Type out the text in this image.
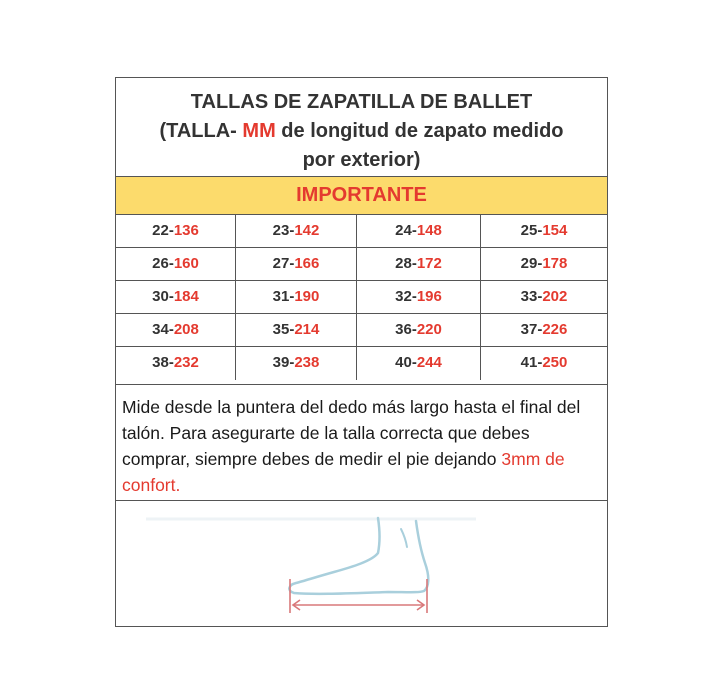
TALLAS DE ZAPATILLA DE BALLET
(TALLA- MM de longitud de zapato medido
por exterior)
IMPORTANTE
22-136	23-142	24-148	25-154
26-160	27-166	28-172	29-178
30-184	31-190	32-196	33-202
34-208	35-214	36-220	37-226
38-232	39-238	40-244	41-250
Mide desde la puntera del dedo más largo hasta el final del talón. Para asegurarte de la talla correcta que debes comprar, siempre debes de medir el pie dejando 3mm de confort.
